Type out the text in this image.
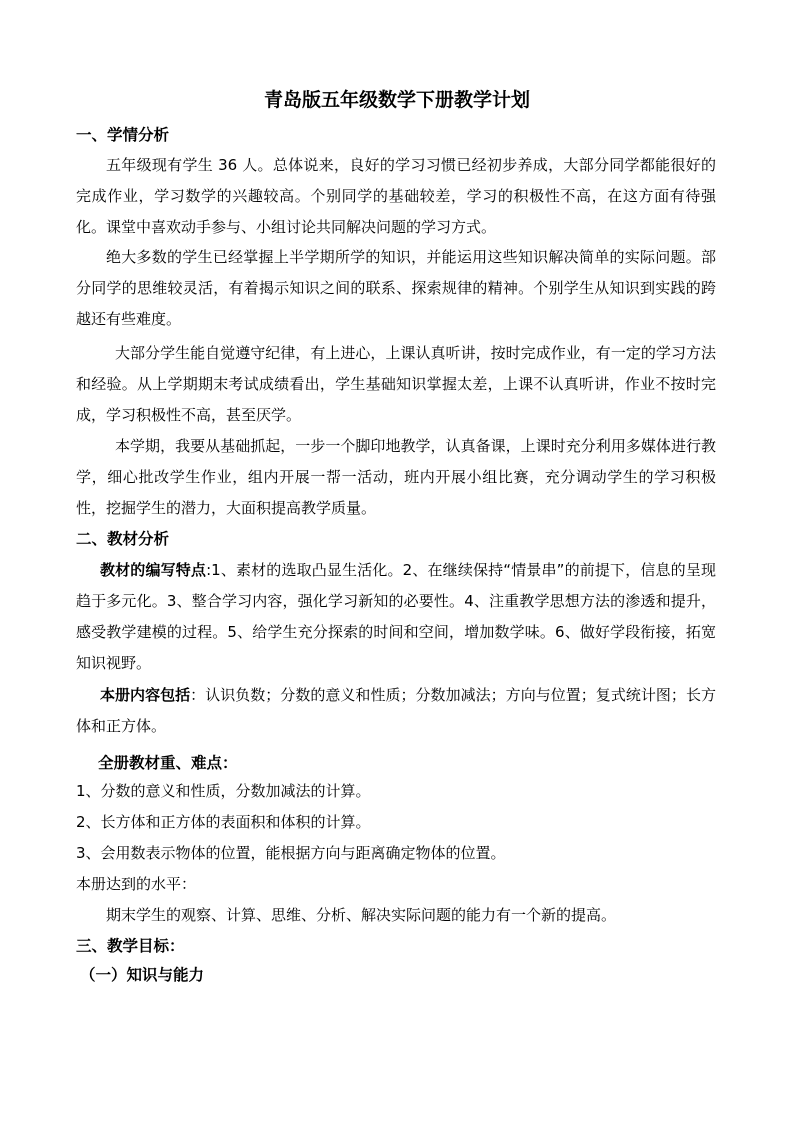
青岛版五年级数学下册教学计划
一、学情分析
五年级现有学生 36 人。总体说来，良好的学习习惯已经初步养成，大部分同学都能很好的完成作业，学习数学的兴趣较高。个别同学的基础较差，学习的积极性不高，在这方面有待强化。课堂中喜欢动手参与、小组讨论共同解决问题的学习方式。
绝大多数的学生已经掌握上半学期所学的知识，并能运用这些知识解决简单的实际问题。部分同学的思维较灵活，有着揭示知识之间的联系、探索规律的精神。个别学生从知识到实践的跨越还有些难度。
大部分学生能自觉遵守纪律，有上进心，上课认真听讲，按时完成作业，有一定的学习方法和经验。从上学期期末考试成绩看出，学生基础知识掌握太差，上课不认真听讲，作业不按时完成，学习积极性不高，甚至厌学。
本学期，我要从基础抓起，一步一个脚印地教学，认真备课，上课时充分利用多媒体进行教学，细心批改学生作业，组内开展一帮一活动，班内开展小组比赛，充分调动学生的学习积极性，挖掘学生的潜力，大面积提高教学质量。
二、教材分析
教材的编写特点:1、素材的选取凸显生活化。2、在继续保持“情景串”的前提下，信息的呈现趋于多元化。3、整合学习内容，强化学习新知的必要性。4、注重教学思想方法的渗透和提升，感受教学建模的过程。5、给学生充分探索的时间和空间，增加数学味。6、做好学段衔接，拓宽知识视野。
本册内容包括：认识负数；分数的意义和性质；分数加减法；方向与位置；复式统计图；长方体和正方体。
全册教材重、难点：
1、分数的意义和性质，分数加减法的计算。
2、长方体和正方体的表面积和体积的计算。
3、会用数表示物体的位置，能根据方向与距离确定物体的位置。
本册达到的水平：
期末学生的观察、计算、思维、分析、解决实际问题的能力有一个新的提高。
三、教学目标：
（一）知识与能力
